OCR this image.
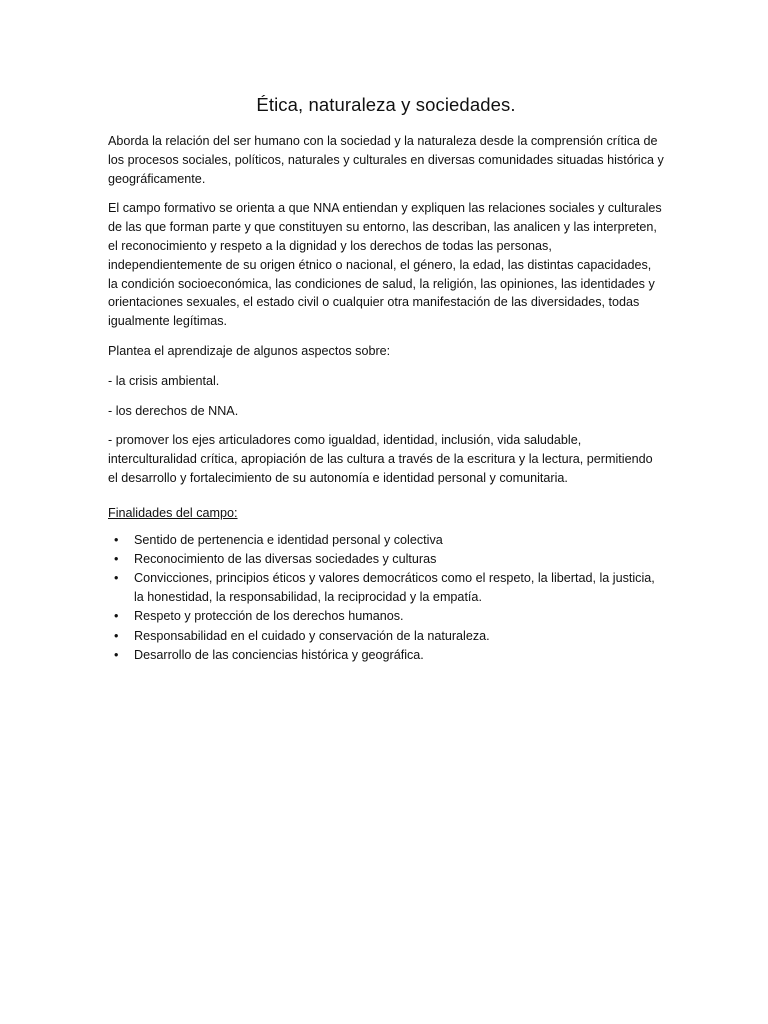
Ética, naturaleza y sociedades.

Aborda la relación del ser humano con la sociedad y la naturaleza desde la comprensión crítica de los procesos sociales, políticos, naturales y culturales en diversas comunidades situadas histórica y geográficamente.

El campo formativo se orienta a que NNA entiendan y expliquen las relaciones sociales y culturales de las que forman parte y que constituyen su entorno, las describan, las analicen y las interpreten, el reconocimiento y respeto a la dignidad y los derechos de todas las personas, independientemente de su origen étnico o nacional, el género, la edad, las distintas capacidades, la condición socioeconómica, las condiciones de salud, la religión, las opiniones, las identidades y orientaciones sexuales, el estado civil o cualquier otra manifestación de las diversidades, todas igualmente legítimas.

Plantea el aprendizaje de algunos aspectos sobre:

- la crisis ambiental.

- los derechos de NNA.

- promover los ejes articuladores como igualdad, identidad, inclusión, vida saludable, interculturalidad crítica, apropiación de las cultura a través de la escritura y la lectura, permitiendo el desarrollo y fortalecimiento de su autonomía e identidad personal y comunitaria.

Finalidades del campo:
• Sentido de pertenencia e identidad personal y colectiva
• Reconocimiento de las diversas sociedades y culturas
• Convicciones, principios éticos y valores democráticos como el respeto, la libertad, la justicia, la honestidad, la responsabilidad, la reciprocidad y la empatía.
• Respeto y protección de los derechos humanos.
• Responsabilidad en el cuidado y conservación de la naturaleza.
• Desarrollo de las conciencias histórica y geográfica.
